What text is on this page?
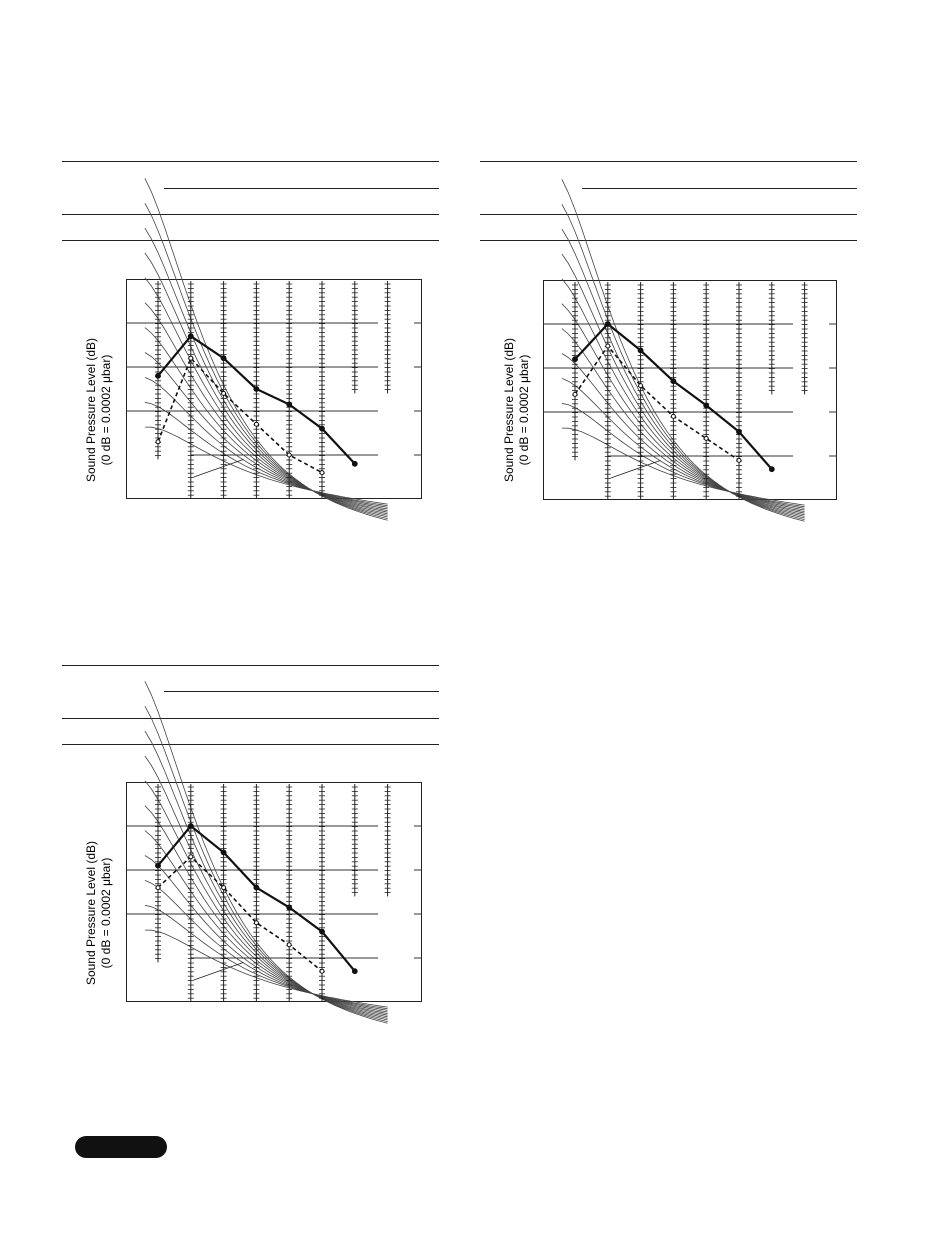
Sound Pressure Level (dB) (0 dB = 0.0002 μbar)	Sound Pressure Level (dB) (0 dB = 0.0002 μbar)
Sound Pressure Level (dB) (0 dB = 0.0002 μbar)
